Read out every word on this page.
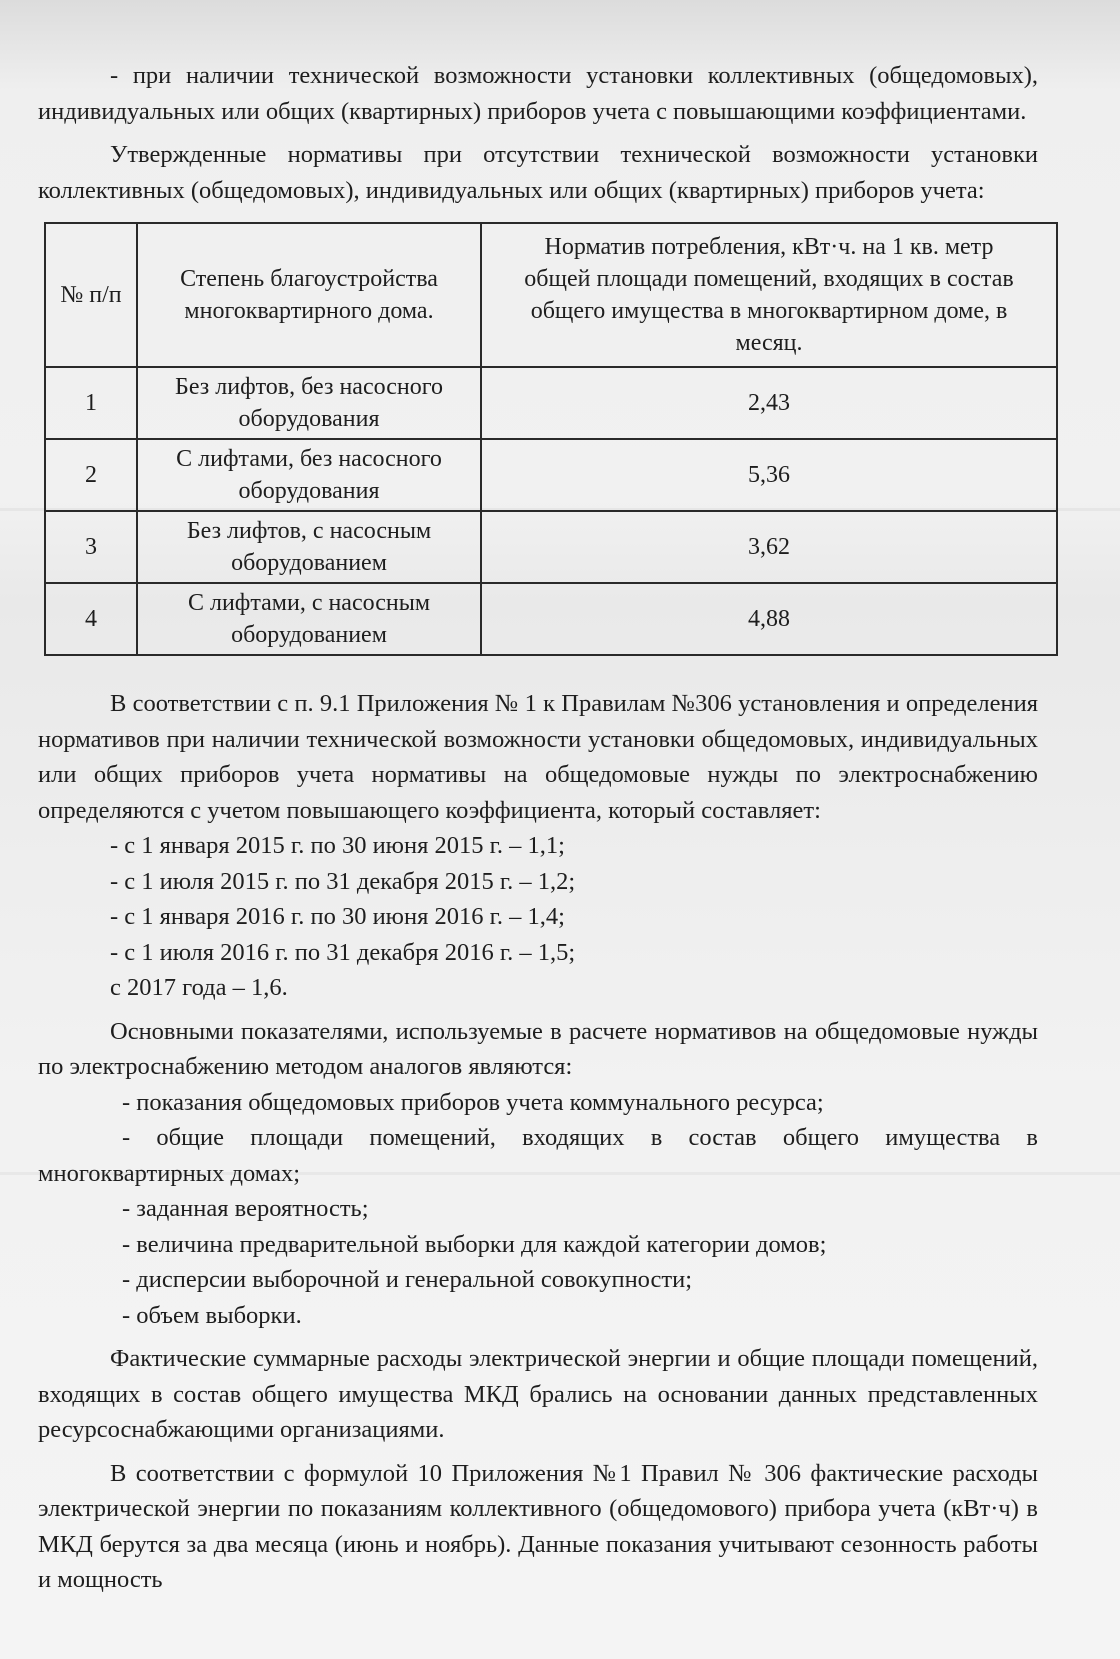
- при наличии технической возможности установки коллективных (общедомовых), индивидуальных или общих (квартирных) приборов учета с повышающими коэффициентами.

Утвержденные нормативы при отсутствии технической возможности установки коллективных (общедомовых), индивидуальных или общих (квартирных) приборов учета:

№ п/п	Степень благоустройства многоквартирного дома.	Норматив потребления, кВт·ч. на 1 кв. метр общей площади помещений, входящих в состав общего имущества в многоквартирном доме, в месяц.
1	Без лифтов, без насосного оборудования	2,43
2	С лифтами, без насосного оборудования	5,36
3	Без лифтов, с насосным оборудованием	3,62
4	С лифтами, с насосным оборудованием	4,88

В соответствии с п. 9.1 Приложения № 1 к Правилам №306 установления и определения нормативов при наличии технической возможности установки общедомовых, индивидуальных или общих приборов учета нормативы на общедомовые нужды по электроснабжению определяются с учетом повышающего коэффициента, который составляет:

- с 1 января 2015 г. по 30 июня 2015 г. – 1,1;

- с 1 июля 2015 г. по 31 декабря 2015 г. – 1,2;

- с 1 января 2016 г. по 30 июня 2016 г. – 1,4;

- с 1 июля 2016 г. по 31 декабря 2016 г. – 1,5;

с 2017 года – 1,6.

Основными показателями, используемые в расчете нормативов на общедомовые нужды по электроснабжению методом аналогов являются:

- показания общедомовых приборов учета коммунального ресурса;

- общие площади помещений, входящих в состав общего имущества в многоквартирных домах;

- заданная вероятность;

- величина предварительной выборки для каждой категории домов;

- дисперсии выборочной и генеральной совокупности;

- объем выборки.

Фактические суммарные расходы электрической энергии и общие площади помещений, входящих в состав общего имущества МКД брались на основании данных представленных ресурсоснабжающими организациями.

В соответствии с формулой 10 Приложения №1 Правил № 306 фактические расходы электрической энергии по показаниям коллективного (общедомового) прибора учета (кВт·ч) в МКД берутся за два месяца (июнь и ноябрь). Данные показания учитывают сезонность работы и мощность
